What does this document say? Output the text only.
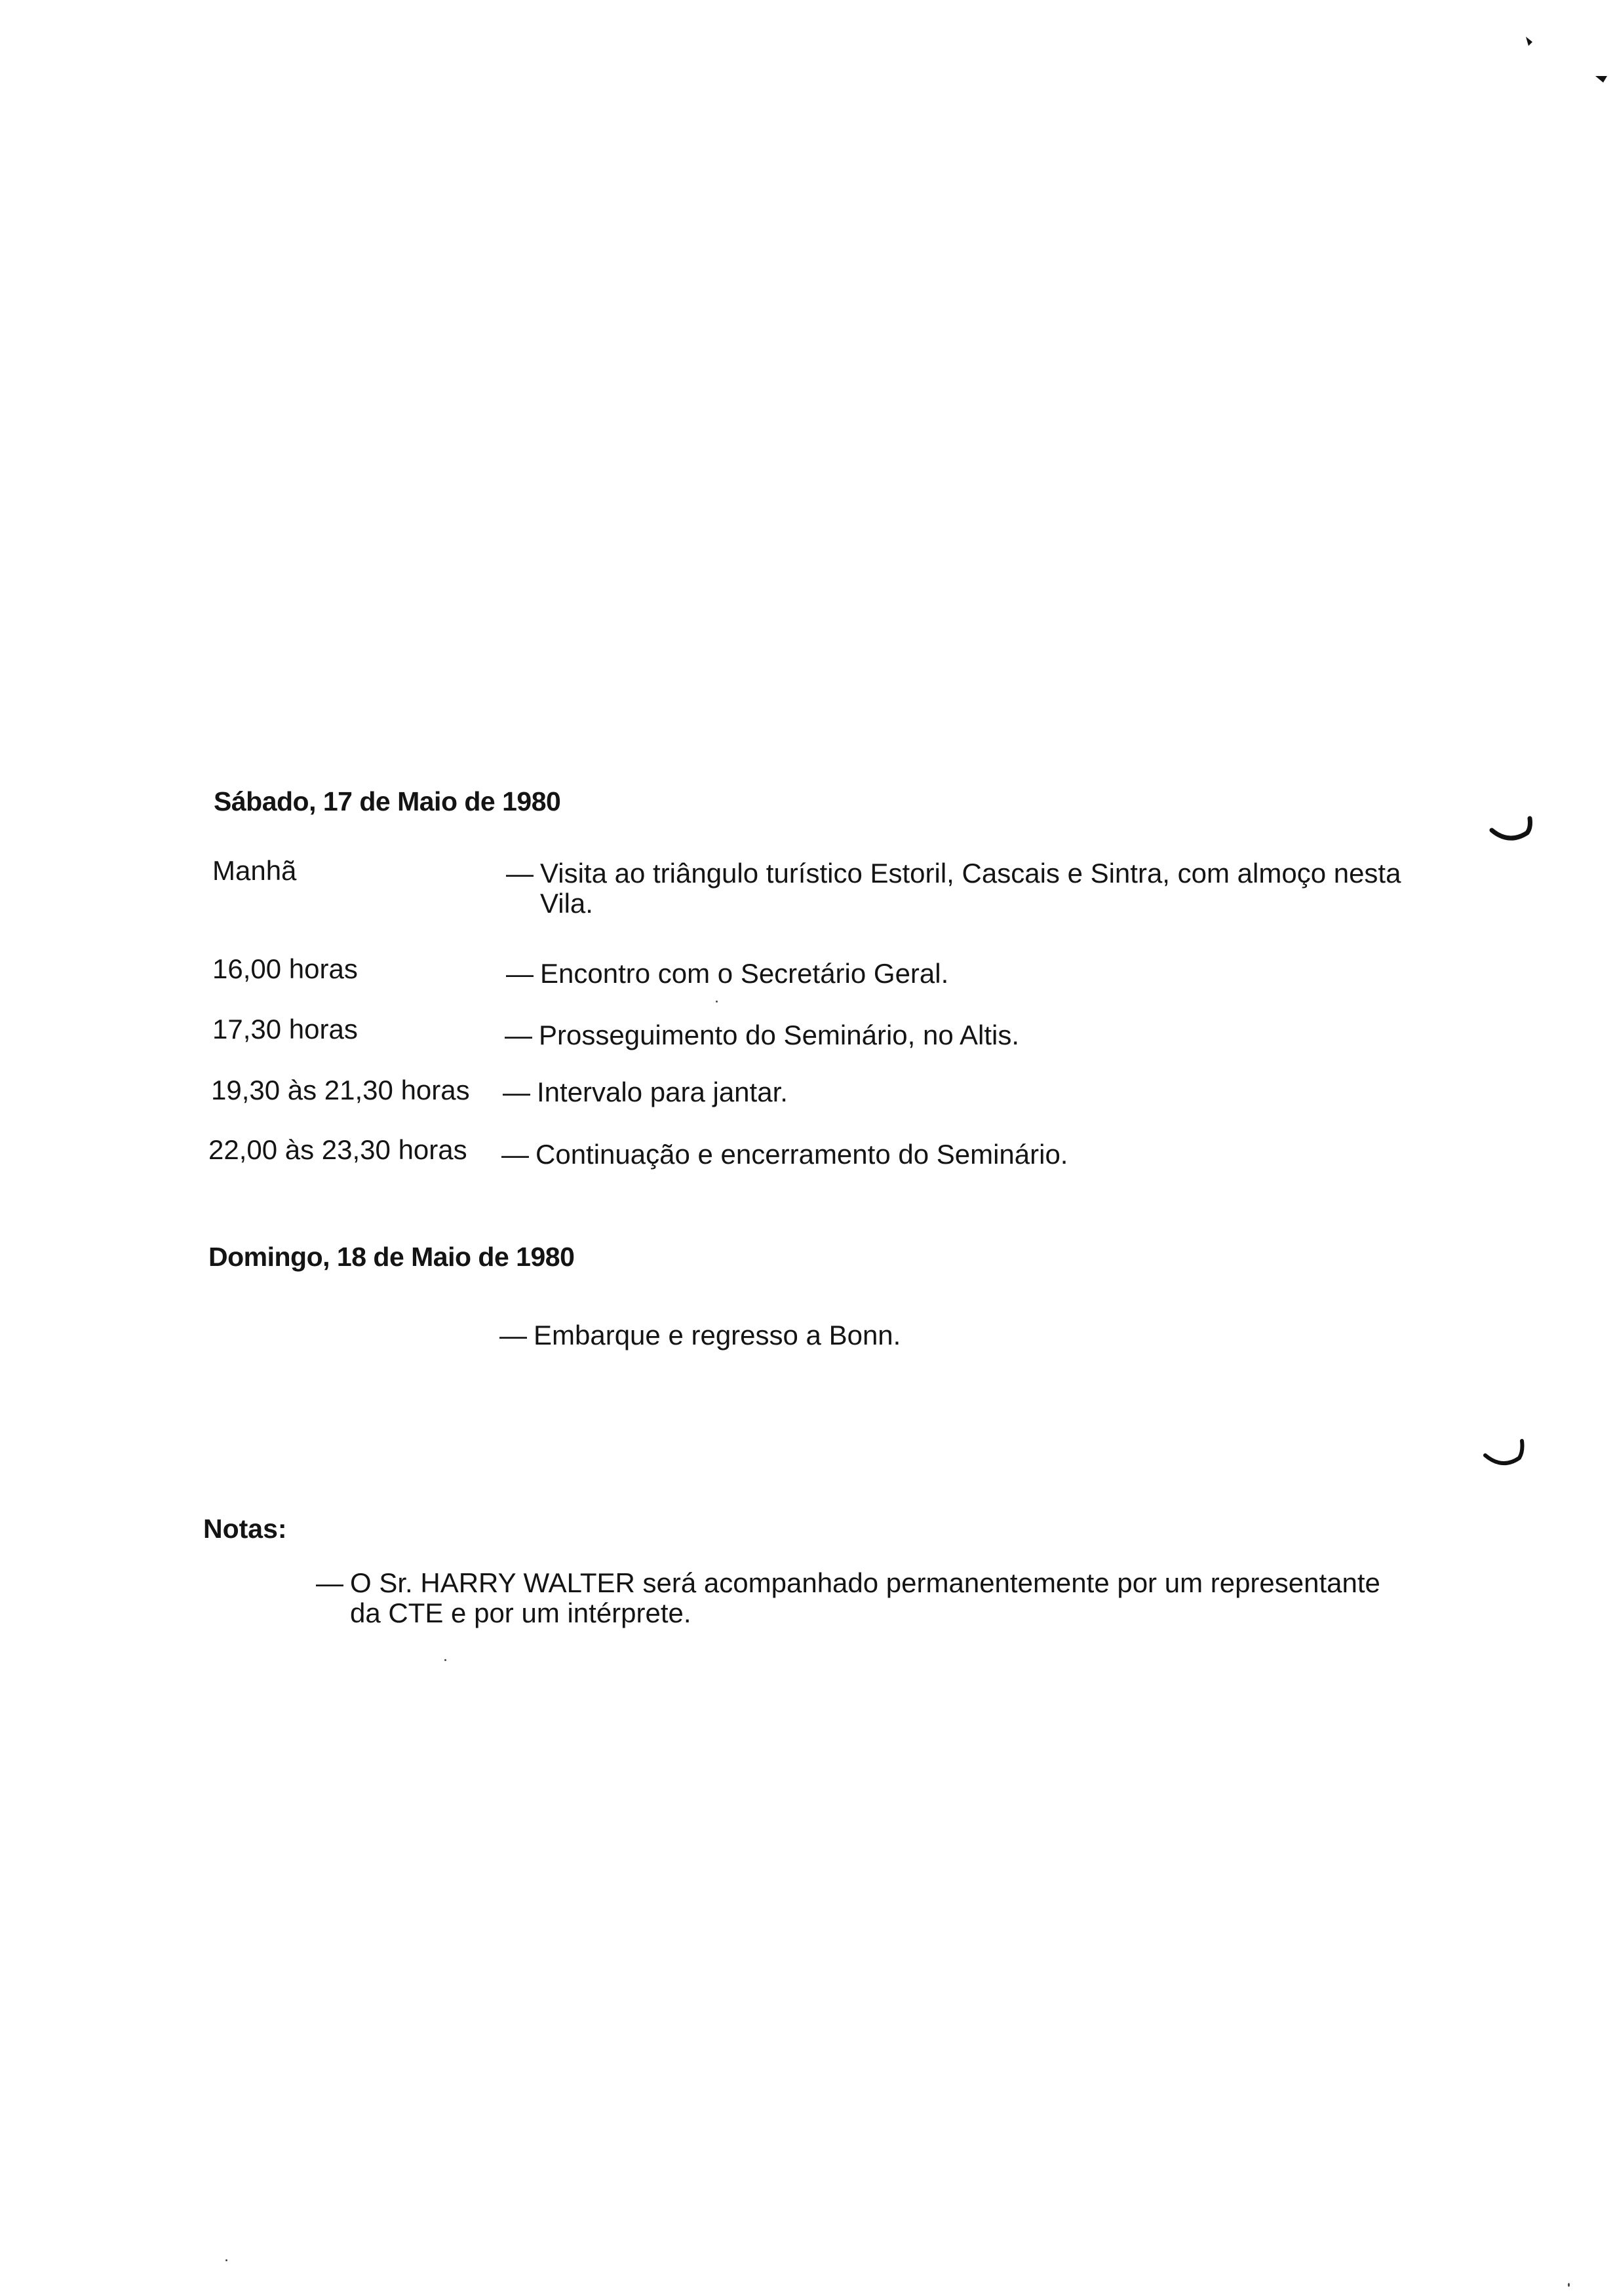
Sábado, 17 de Maio de 1980
Manhã	— Visita ao triângulo turístico Estoril, Cascais e Sintra, com almoço nesta Vila.
16,00 horas	— Encontro com o Secretário Geral.
17,30 horas	— Prosseguimento do Seminário, no Altis.
19,30 às 21,30 horas — Intervalo para jantar.
22,00 às 23,30 horas — Continuação e encerramento do Seminário.
Domingo, 18 de Maio de 1980
— Embarque e regresso a Bonn.
Notas:
— O Sr. HARRY WALTER será acompanhado permanentemente por um representante da CTE e por um intérprete.
